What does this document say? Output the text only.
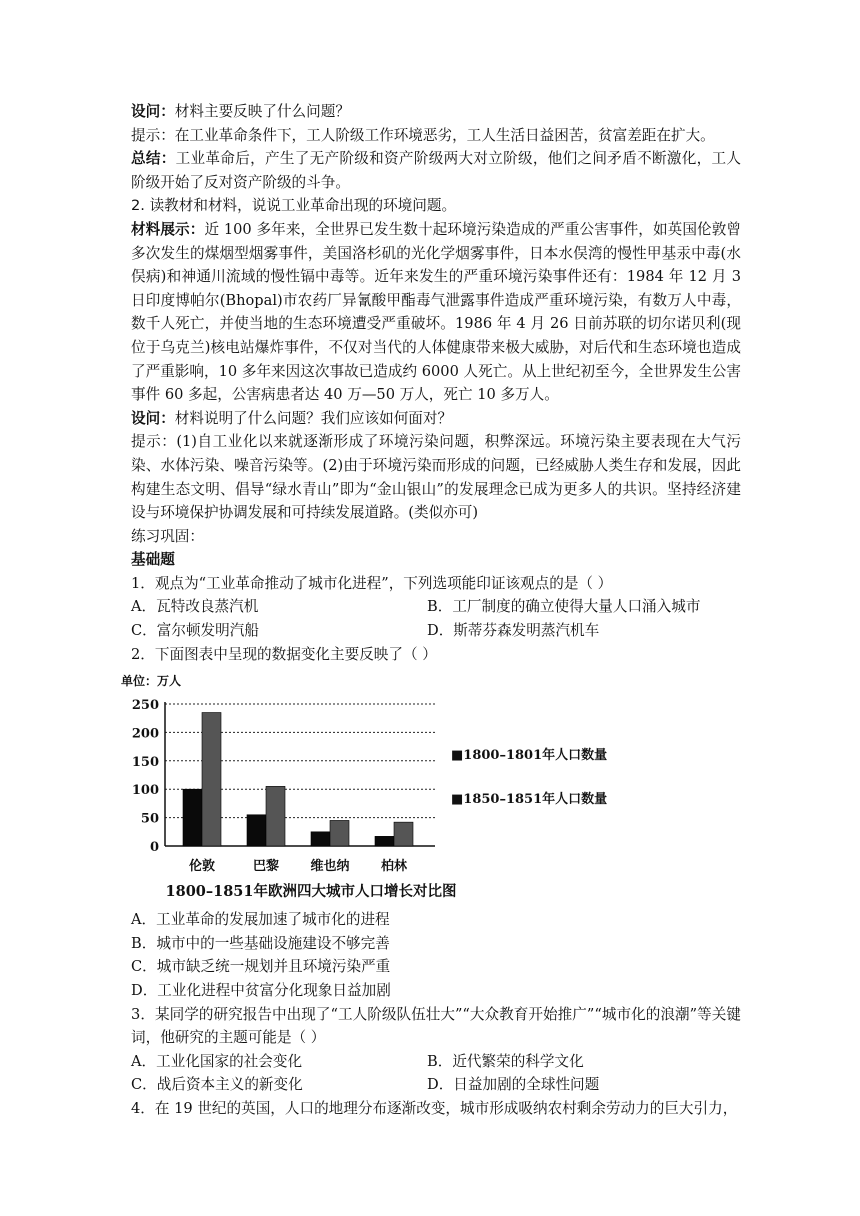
设问：材料主要反映了什么问题？

提示：在工业革命条件下，工人阶级工作环境恶劣，工人生活日益困苦，贫富差距在扩大。

总结：工业革命后，产生了无产阶级和资产阶级两大对立阶级，他们之间矛盾不断激化，工人阶级开始了反对资产阶级的斗争。

2. 读教材和材料，说说工业革命出现的环境问题。

材料展示：近 100 多年来，全世界已发生数十起环境污染造成的严重公害事件，如英国伦敦曾多次发生的煤烟型烟雾事件，美国洛杉矶的光化学烟雾事件，日本水俣湾的慢性甲基汞中毒(水俣病)和神通川流域的慢性镉中毒等。近年来发生的严重环境污染事件还有：1984 年 12 月 3 日印度博帕尔(Bhopal)市农药厂异氰酸甲酯毒气泄露事件造成严重环境污染，有数万人中毒，数千人死亡，并使当地的生态环境遭受严重破坏。1986 年 4 月 26 日前苏联的切尔诺贝利(现位于乌克兰)核电站爆炸事件，不仅对当代的人体健康带来极大威胁，对后代和生态环境也造成了严重影响，10 多年来因这次事故已造成约 6000 人死亡。从上世纪初至今，全世界发生公害事件 60 多起，公害病患者达 40 万—50 万人，死亡 10 多万人。

设问：材料说明了什么问题？我们应该如何面对？

提示：(1)自工业化以来就逐渐形成了环境污染问题，积弊深远。环境污染主要表现在大气污染、水体污染、噪音污染等。(2)由于环境污染而形成的问题，已经威胁人类生存和发展，因此构建生态文明、倡导“绿水青山”即为“金山银山”的发展理念已成为更多人的共识。坚持经济建设与环境保护协调发展和可持续发展道路。(类似亦可)

练习巩固：

基础题

1．观点为“工业革命推动了城市化进程”，下列选项能印证该观点的是（ ）

A．瓦特改良蒸汽机	B．工厂制度的确立使得大量人口涌入城市

C．富尔顿发明汽船	D．斯蒂芬森发明蒸汽机车

2．下面图表中呈现的数据变化主要反映了（ ）

单位：万人
0
50
100
150
200
250
伦敦	巴黎 维也纳 柏林
■1800–1801年人口数量
■1850–1851年人口数量
1800–1851年欧洲四大城市人口增长对比图

A．工业革命的发展加速了城市化的进程

B．城市中的一些基础设施建设不够完善

C．城市缺乏统一规划并且环境污染严重

D．工业化进程中贫富分化现象日益加剧

3．某同学的研究报告中出现了“工人阶级队伍壮大”“大众教育开始推广”“城市化的浪潮”等关键词，他研究的主题可能是（ ）

A．工业化国家的社会变化	B．近代繁荣的科学文化

C．战后资本主义的新变化	D．日益加剧的全球性问题

4．在 19 世纪的英国，人口的地理分布逐渐改变，城市形成吸纳农村剩余劳动力的巨大引力，
